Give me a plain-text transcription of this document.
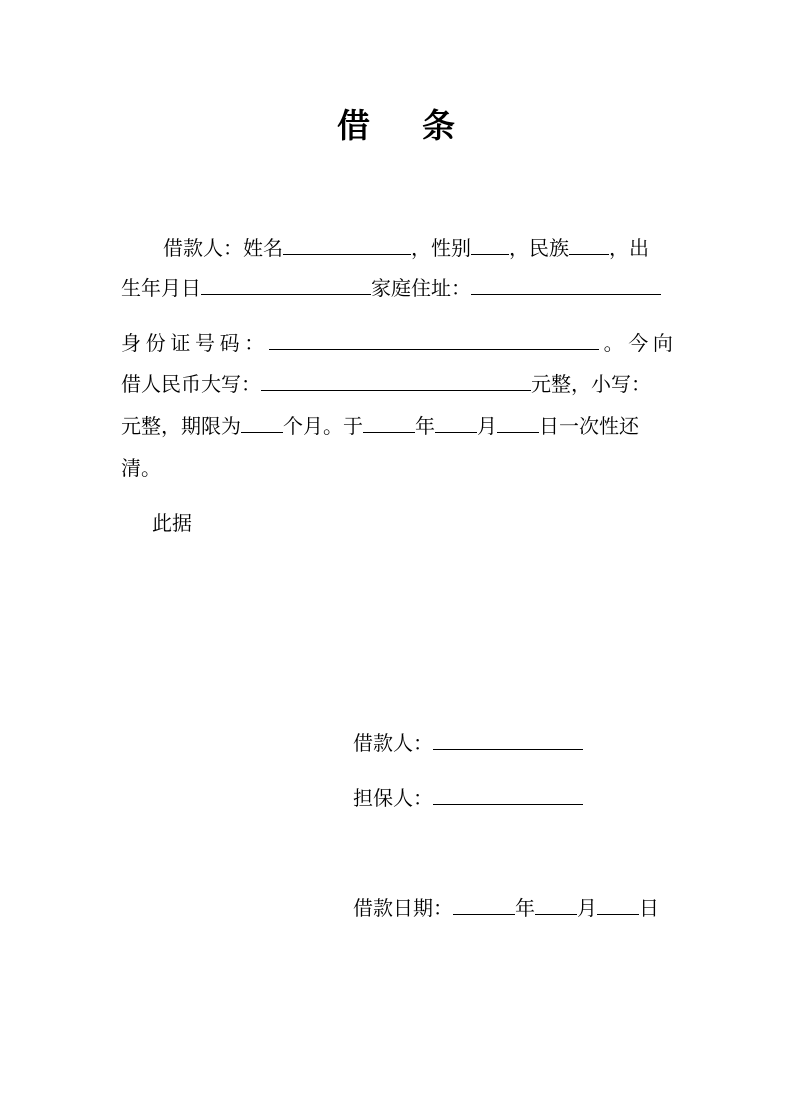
借 条
借款人：姓名	，性别 ，民族 ，出
生年月日	家庭住址：
身 份 证 号 码 ：	。 今 向
借人民币大写：	元整，小写：
元整，期限为 个月。于	年 月 日一次性还
清。
此据
借款人：
担保人：
借款日期：	年 月 日
